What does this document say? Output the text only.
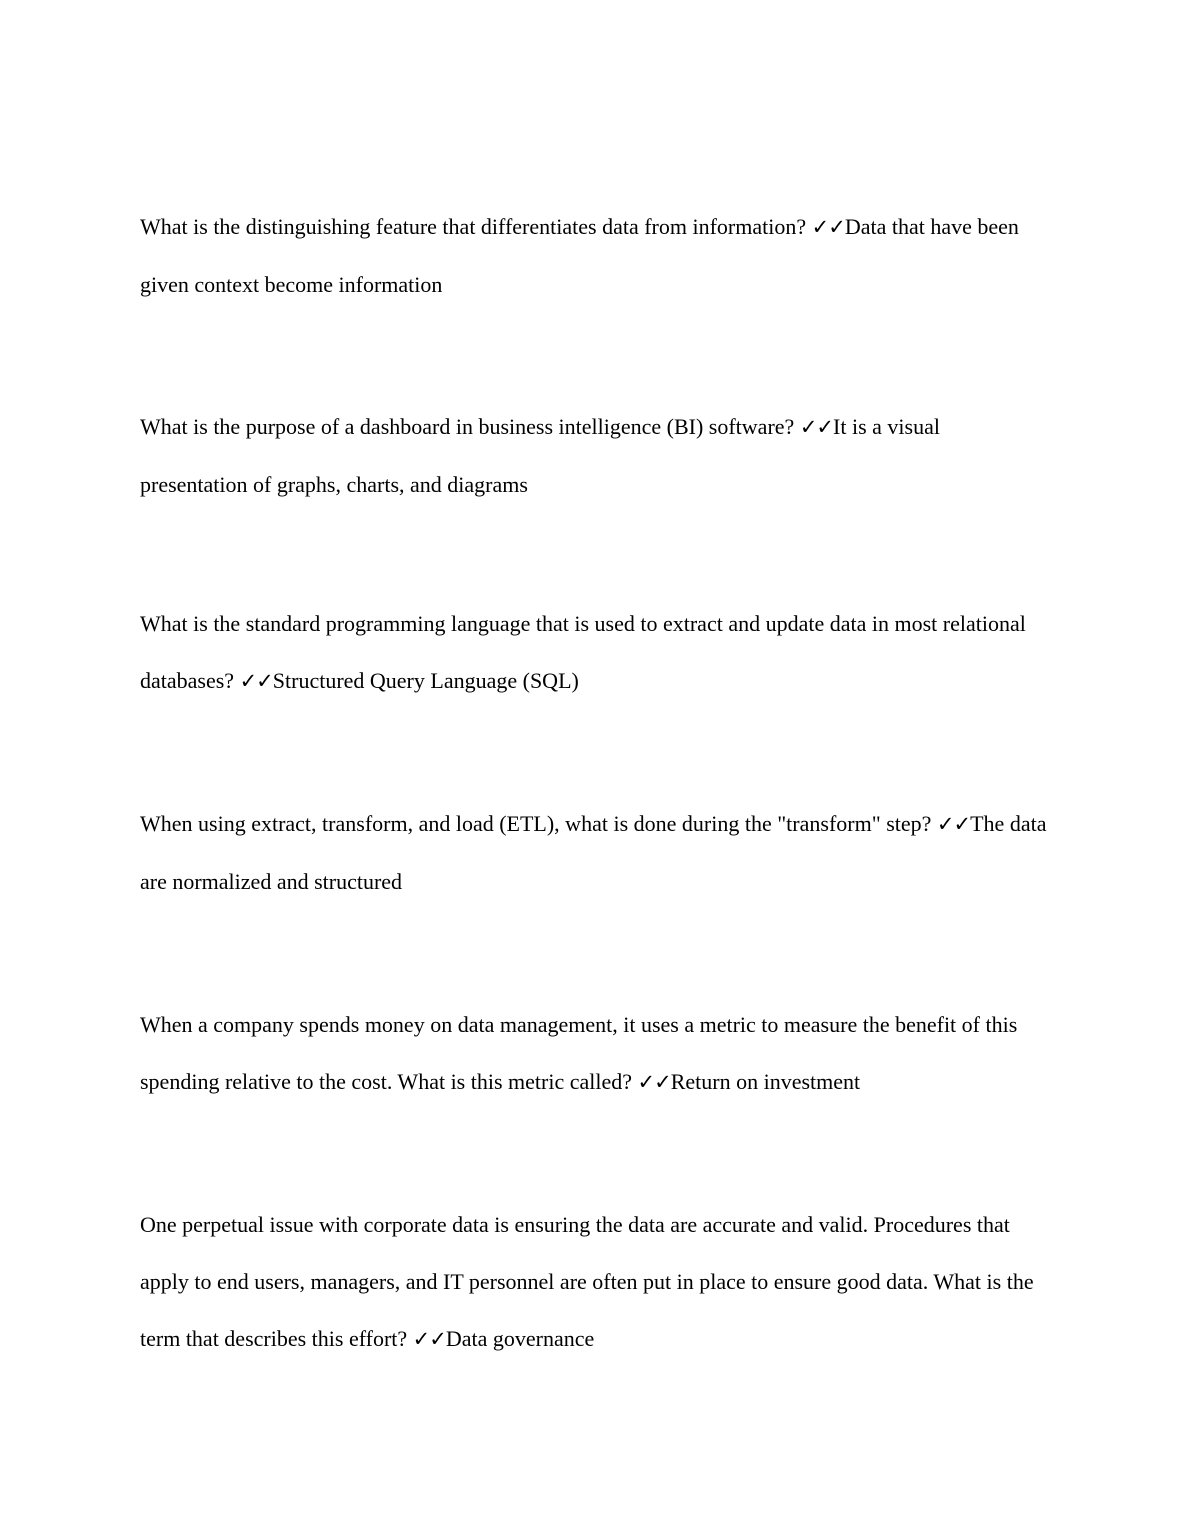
What is the distinguishing feature that differentiates data from information? ✓✓Data that have been given context become information

What is the purpose of a dashboard in business intelligence (BI) software? ✓✓It is a visual presentation of graphs, charts, and diagrams

What is the standard programming language that is used to extract and update data in most relational databases? ✓✓Structured Query Language (SQL)

When using extract, transform, and load (ETL), what is done during the "transform" step? ✓✓The data are normalized and structured

When a company spends money on data management, it uses a metric to measure the benefit of this spending relative to the cost. What is this metric called? ✓✓Return on investment

One perpetual issue with corporate data is ensuring the data are accurate and valid. Procedures that apply to end users, managers, and IT personnel are often put in place to ensure good data. What is the term that describes this effort? ✓✓Data governance
